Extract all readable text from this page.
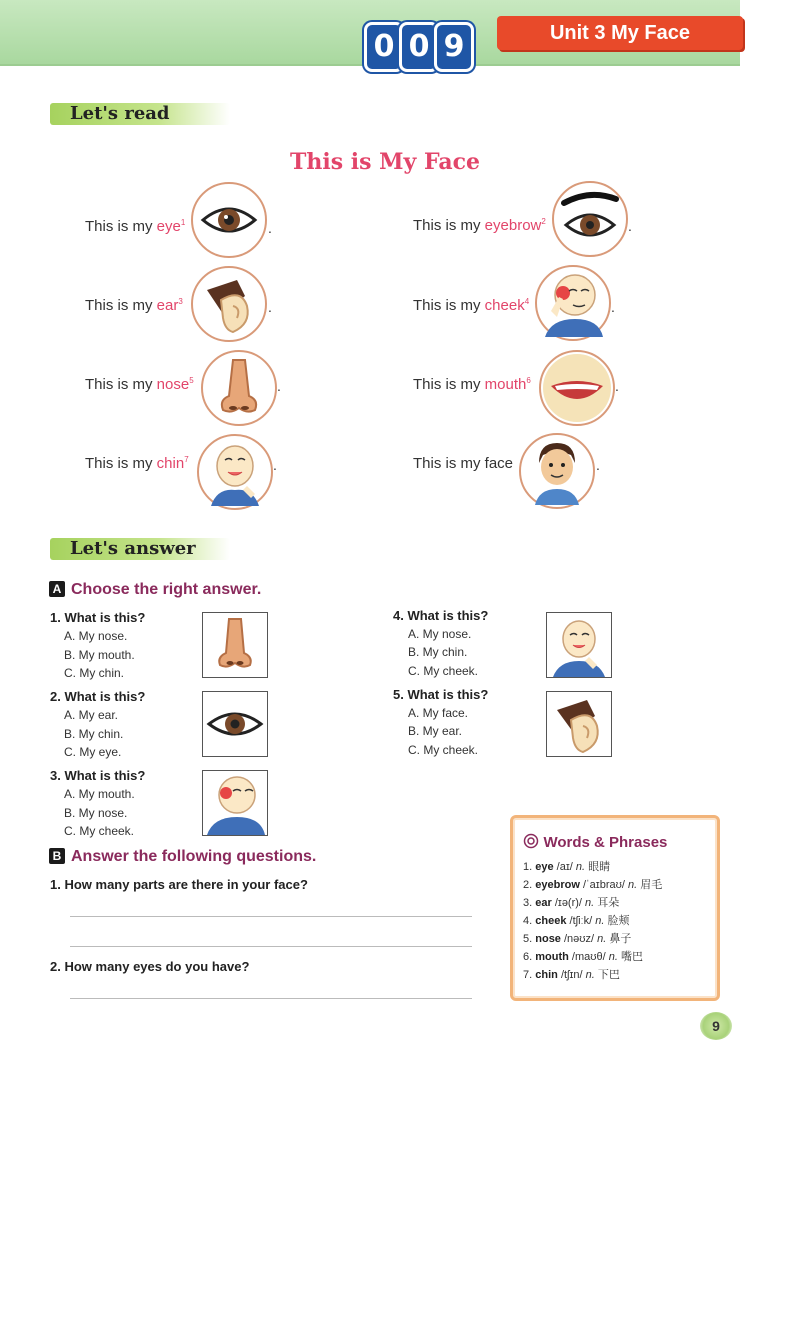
0 0 9	Unit 3 My Face
Let's read
This is My Face
This is my eye$^1$
This is my ear$^3$
This is my nose$^5$
This is my chin$^7$
.
.
.
.
This is my eyebrow$^2$
This is my cheek$^4$
This is my mouth$^6$
This is my face
.
.
.
.
Let's answer
A Choose the right answer.
1. What is this?
A. My nose.
B. My mouth.
C. My chin.
2. What is this?
A. My ear.
B. My chin.
C. My eye.
3. What is this?
A. My mouth.
B. My nose.
C. My cheek.
4. What is this?
A. My nose.
B. My chin.
C. My cheek.
5. What is this?
A. My face.
B. My ear.
C. My cheek.
B Answer the following questions.
1. How many parts are there in your face?
2. How many eyes do you have?
Words & Phrases
1. eye /aɪ/ n. 眼睛
2. eyebrow /ˈaɪbraʊ/ n. 眉毛
3. ear /ɪə(r)/ n. 耳朵
4. cheek /tʃiːk/ n. 脸颊
5. nose /nəʊz/ n. 鼻子
6. mouth /maʊθ/ n. 嘴巴
7. chin /tʃɪn/ n. 下巴
9
